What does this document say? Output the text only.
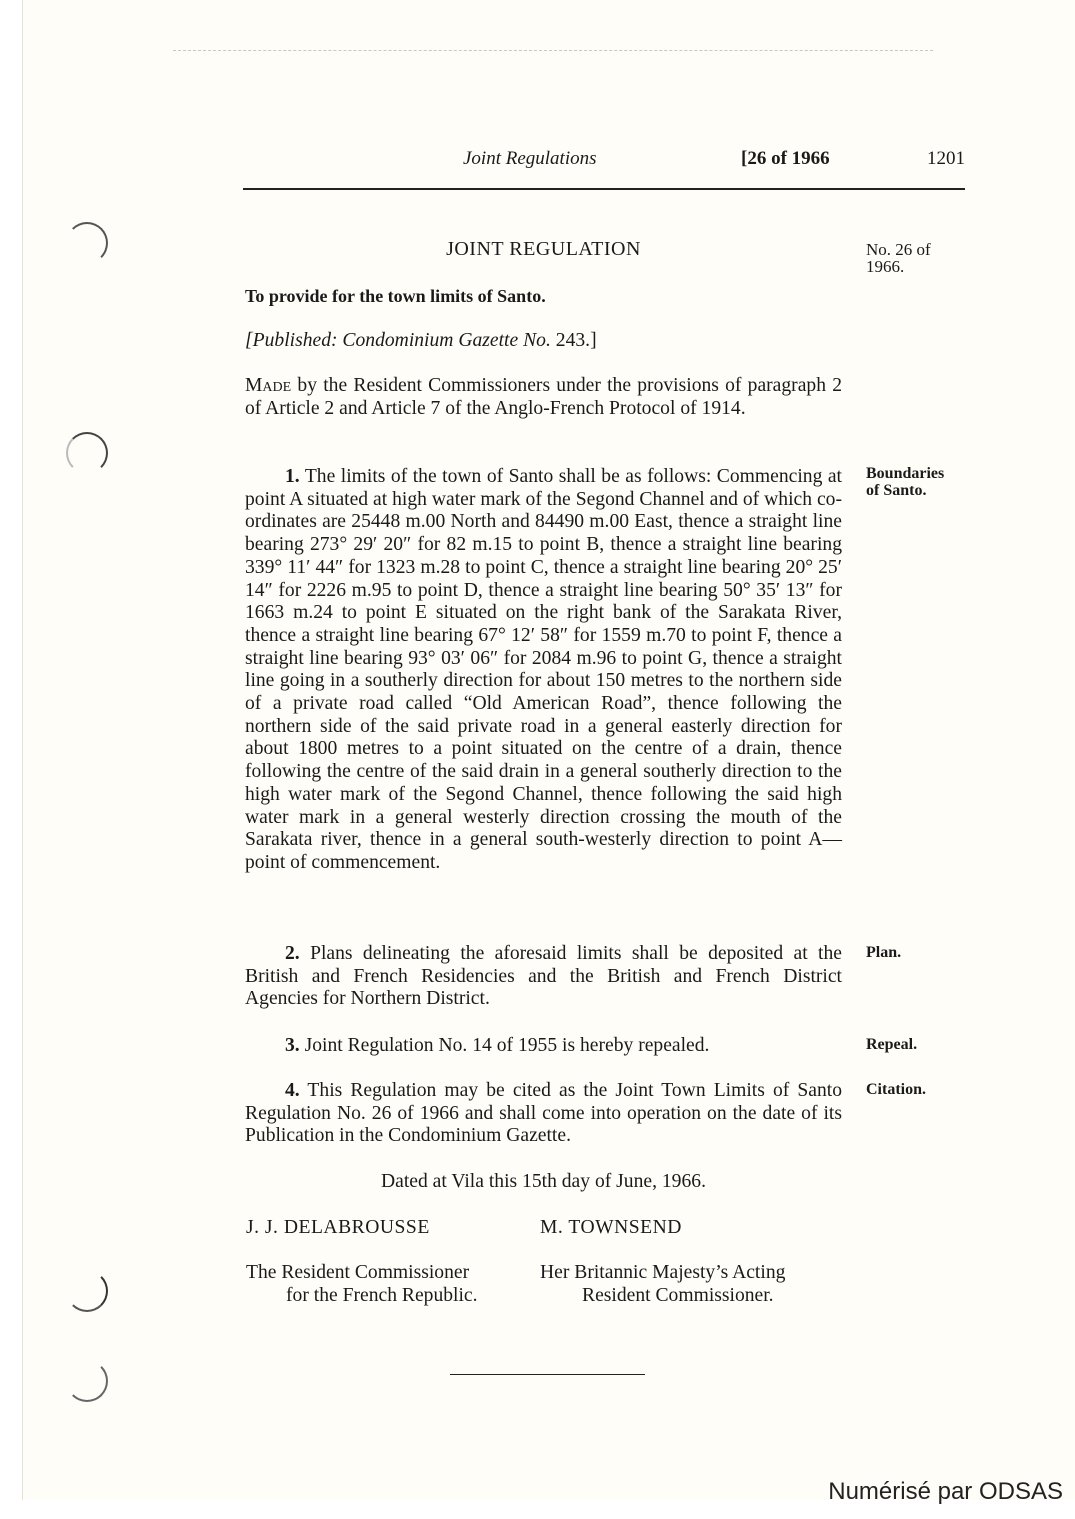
Joint Regulations	[26 of 1966	1201
JOINT REGULATION	No. 26 of
1966.
To provide for the town limits of Santo.
[Published: Condominium Gazette No. 243.]
Made by the Resident Commissioners under the provisions of paragraph 2 of Article 2 and Article 7 of the Anglo-French Protocol of 1914.
1. The limits of the town of Santo shall be as follows: Commencing at point A situated at high water mark of the Segond Channel and of which co-ordinates are 25448 m.00 North and 84490 m.00 East, thence a straight line bearing 273° 29′ 20″ for 82 m.15 to point B, thence a straight line bearing 339° 11′ 44″ for 1323 m.28 to point C, thence a straight line bearing 20° 25′ 14″ for 2226 m.95 to point D, thence a straight line bearing 50° 35′ 13″ for 1663 m.24 to point E situated on the right bank of the Sarakata River, thence a straight line bearing 67° 12′ 58″ for 1559 m.70 to point F, thence a straight line bearing 93° 03′ 06″ for 2084 m.96 to point G, thence a straight line going in a southerly direction for about 150 metres to the northern side of a private road called “Old American Road”, thence following the northern side of the said private road in a general easterly direction for about 1800 metres to a point situated on the centre of a drain, thence following the centre of the said drain in a general southerly direction to the high water mark of the Segond Channel, thence following the said high water mark in a general westerly direction crossing the mouth of the Sarakata river, thence in a general south-westerly direction to point A—point of commencement.
Boundaries
of Santo.
2. Plans delineating the aforesaid limits shall be deposited at the British and French Residencies and the British and French District Agencies for Northern District.
Plan.
3. Joint Regulation No. 14 of 1955 is hereby repealed.	Repeal.
4. This Regulation may be cited as the Joint Town Limits of Santo Regulation No. 26 of 1966 and shall come into operation on the date of its Publication in the Condominium Gazette.
Citation.
Dated at Vila this 15th day of June, 1966.
J. J. DELABROUSSE	M. TOWNSEND
The Resident Commissioner
for the French Republic.
Her Britannic Majesty’s Acting
Resident Commissioner.
Numérisé par ODSAS
